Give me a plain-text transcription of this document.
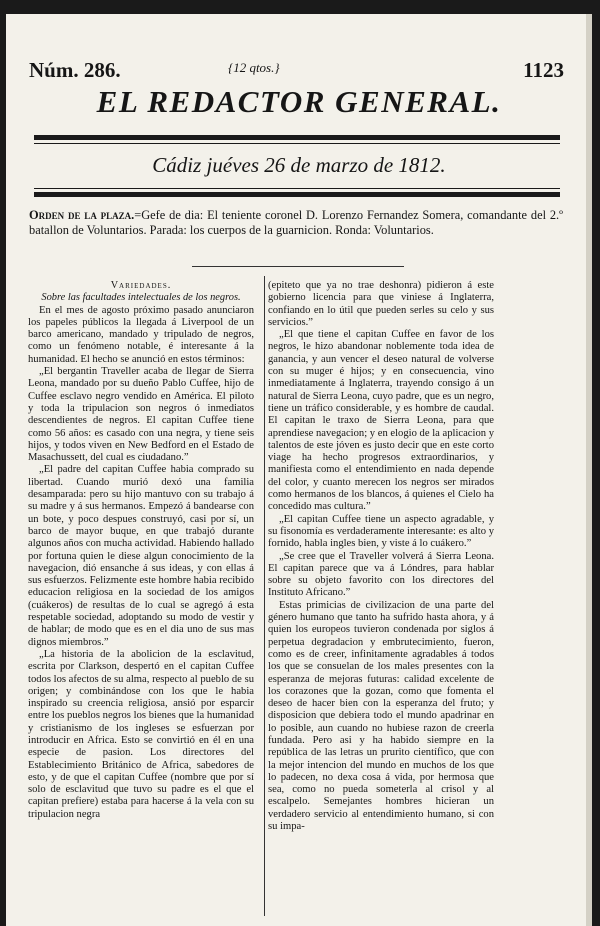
Núm. 286.	{12 qtos.}	1123
EL REDACTOR GENERAL.
Cádiz juéves 26 de marzo de 1812.
Orden de la plaza.=Gefe de dia: El teniente coronel D. Lorenzo Fernandez Somera, comandante del 2.º batallon de Voluntarios. Parada: los cuerpos de la guarnicion. Ronda: Voluntarios.

Variedades.

Sobre las facultades intelectuales de los negros.

En el mes de agosto próximo pasado anunciaron los papeles públicos la llegada á Liverpool de un barco americano, mandado y tripulado de negros, como un fenómeno notable, é interesante á la humanidad. El hecho se anunció en estos términos:

„El bergantin Traveller acaba de llegar de Sierra Leona, mandado por su dueño Pablo Cuffee, hijo de Cuffee esclavo negro vendido en América. El piloto y toda la tripulacion son negros ó inmediatos descendientes de negros. El capitan Cuffee tiene como 56 años: es casado con una negra, y tiene seis hijos, y todos viven en New Bedford en el Estado de Masachussett, del cual es ciudadano.”

„El padre del capitan Cuffee habia comprado su libertad. Cuando murió dexó una familia desamparada: pero su hijo mantuvo con su trabajo á su madre y á sus hermanos. Empezó á bandearse con un bote, y poco despues construyó, casi por sí, un barco de mayor buque, en que trabajó durante algunos años con mucha actividad. Habiendo hallado por fortuna quien le diese algun conocimiento de la navegacion, dió ensanche á sus ideas, y con ellas á sus esfuerzos. Felizmente este hombre habia recibido educacion religiosa en la sociedad de los amigos (cuákeros) de resultas de lo cual se agregó á esta respetable sociedad, adoptando su modo de vestir y de hablar; de modo que es en el dia uno de sus mas dignos miembros.”

„La historia de la abolicion de la esclavitud, escrita por Clarkson, despertó en el capitan Cuffee todos los afectos de su alma, respecto al pueblo de su origen; y combinándose con los que le habia inspirado su creencia religiosa, ansió por esparcir entre los pueblos negros los bienes que la humanidad y cristianismo de los ingleses se esfuerzan por introducir en Africa. Esto se convirtió en él en una especie de pasion. Los directores del Establecimiento Británico de Africa, sabedores de esto, y de que el capitan Cuffee (nombre que por sí solo de esclavitud que tuvo su padre es el que el capitan prefiere) estaba para hacerse á la vela con su tripulacion negra

(epiteto que ya no trae deshonra) pidieron á este gobierno licencia para que viniese á Inglaterra, confiando en lo útil que pueden serles su celo y sus servicios.”

„El que tiene el capitan Cuffee en favor de los negros, le hizo abandonar noblemente toda idea de ganancia, y aun vencer el deseo natural de volverse con su muger é hijos; y en consecuencia, vino inmediatamente á Inglaterra, trayendo consigo á un natural de Sierra Leona, cuyo padre, que es un negro, tiene un tráfico considerable, y es hombre de caudal. El capitan le traxo de Sierra Leona, para que aprendiese navegacion; y en elogio de la aplicacion y talentos de este jóven es justo decir que en este corto viage ha hecho progresos extraordinarios, y manifiesta como el entendimiento en nada depende del color, y cuanto merecen los negros ser mirados como hermanos de los blancos, á quienes el Cielo ha concedido mas cultura.”

„El capitan Cuffee tiene un aspecto agradable, y su fisonomía es verdaderamente interesante: es alto y fornido, habla ingles bien, y viste á lo cuákero.”

„Se cree que el Traveller volverá á Sierra Leona. El capitan parece que va á Lóndres, para hablar sobre su objeto favorito con los directores del Instituto Africano.”

Estas primicias de civilizacion de una parte del género humano que tanto ha sufrido hasta ahora, y á quien los europeos tuvieron condenada por siglos á perpetua degradacion y embrutecimiento, fueron, como es de creer, infinitamente agradables á todos los que se consuelan de los males presentes con la esperanza de mejoras futuras: calidad excelente de los corazones que la gozan, como que fomenta el deseo de hacer bien con la esperanza del fruto; y disposicion que debiera todo el mundo apadrinar en lo posible, aun cuando no hubiese razon de creerla fundada. Pero asi y ha habido siempre en la república de las letras un prurito científico, que con la mejor intencion del mundo en muchos de los que lo padecen, no dexa cosa á vida, por hermosa que sea, como no pueda someterla al crisol y al escalpelo. Semejantes hombres hicieran un verdadero servicio al entendimiento humano, si con su impa-
